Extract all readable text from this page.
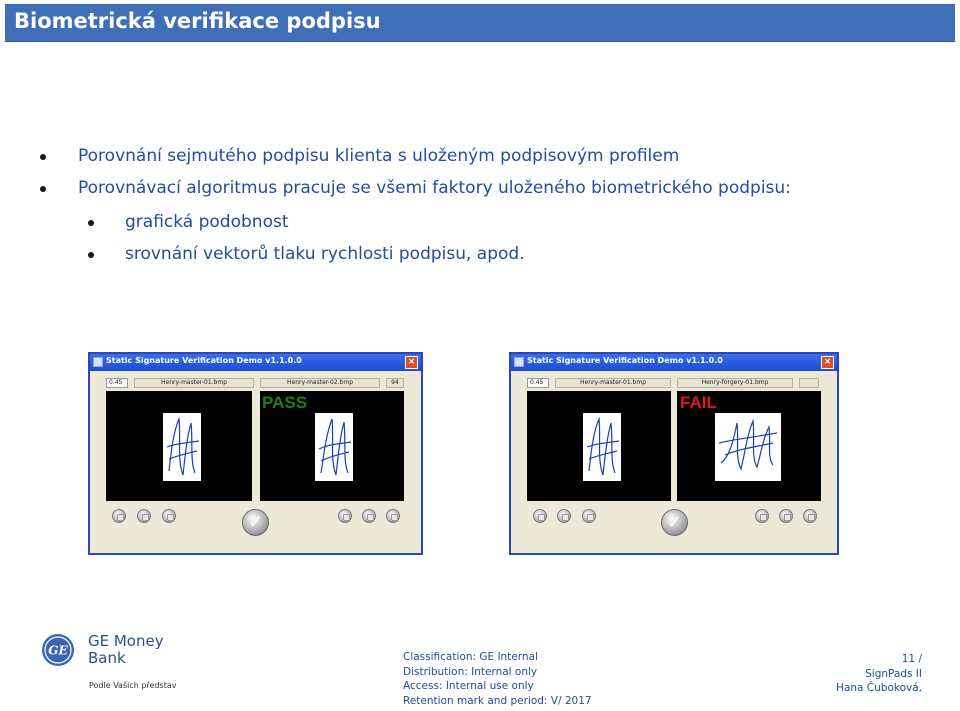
Biometrická verifikace podpisu
Porovnání sejmutého podpisu klienta s uloženým podpisovým profilem
Porovnávací algoritmus pracuje se všemi faktory uloženého biometrického podpisu:
grafická podobnost
srovnání vektorů tlaku rychlosti podpisu, apod.
Static Signature Verification Demo v1.1.0.0	×
0.45	Henry-master-01.bmp	Henry-master-02.bmp	94
PASS
✓
Static Signature Verification Demo v1.1.0.0	×
0.45	Henry-master-01.bmp	Henry-forgery-01.bmp
FAIL
✓
GE
GE Money
Bank
Podle Vašich představ
Classification: GE Internal
Distribution: Internal only
Access: Internal use only
Retention mark and period: V/ 2017
11 /
SignPads II
Hana Čuboková,
